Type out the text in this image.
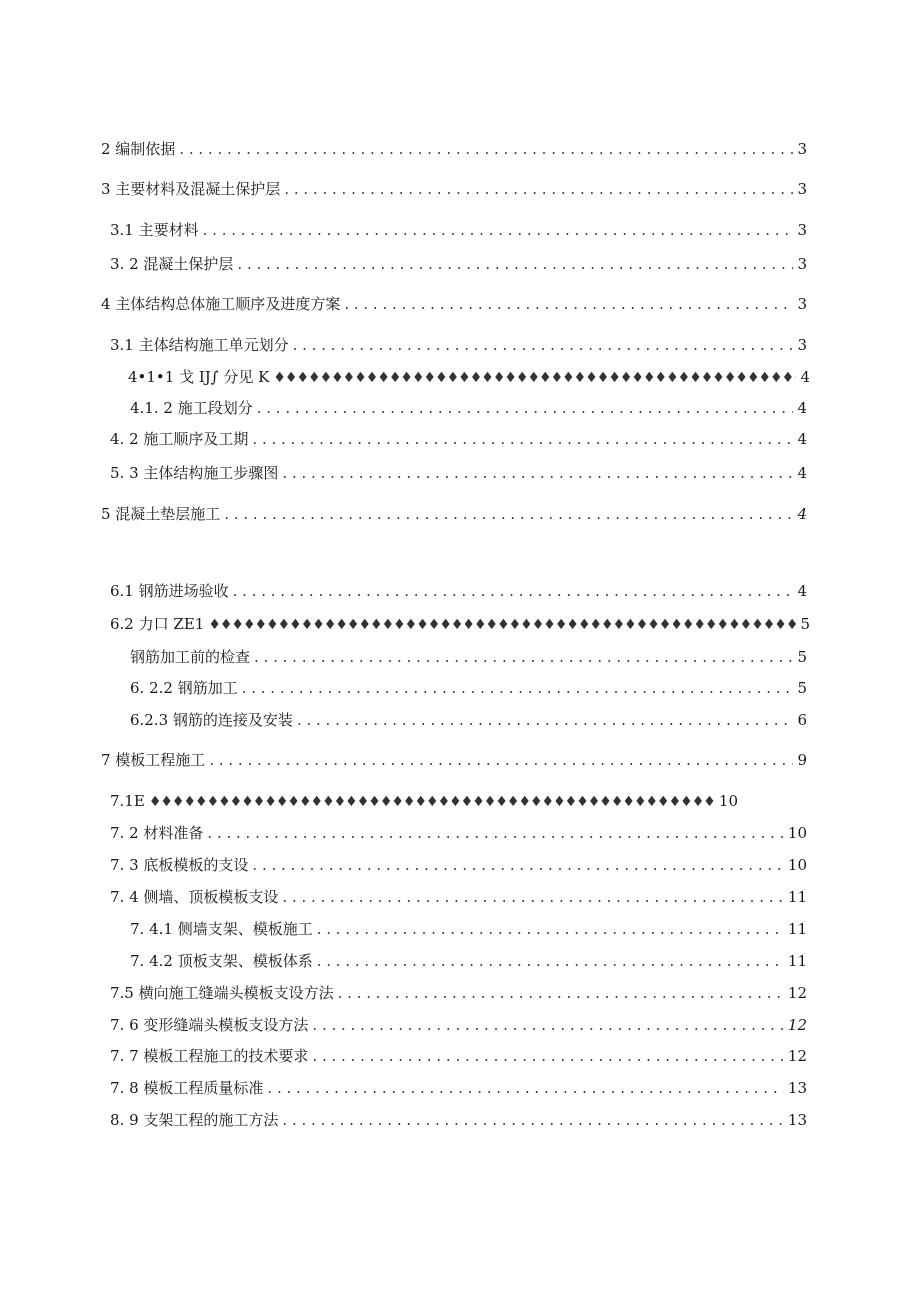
2 编制依据 . . .	3
3 主要材料及混凝土保护层 . . .	3
3.1 主要材料 . . .	3
3. 2 混凝土保护层 . . .	3
4 主体结构总体施工顺序及进度方案 . . .	3
3.1 主体结构施工单元划分 . . .	3
4•1•1 戈 IJ∫ 分见 K ♦♦♦♦♦♦♦♦♦♦♦♦♦♦♦♦♦♦♦♦♦♦♦♦♦♦♦♦♦♦♦♦♦♦♦♦♦♦♦♦♦♦♦♦♦♦♦♦♦♦♦♦♦♦♦♦♦♦♦♦♦♦♦♦♦♦♦♦♦♦♦♦♦♦♦♦♦♦♦♦♦♦♦♦	4
4.1. 2 施工段划分 . . .	4
4. 2 施工顺序及工期 . . .	4
5. 3 主体结构施工步骤图 . . .	4
5 混凝土垫层施工 . . .	4
6.1 钢筋进场验收 . . .	4
6.2 力口 ZE1 ♦♦♦♦♦♦♦♦♦♦♦♦♦♦♦♦♦♦♦♦♦♦♦♦♦♦♦♦♦♦♦♦♦♦♦♦♦♦♦♦♦♦♦♦♦♦♦♦♦♦♦♦♦♦♦♦♦♦♦♦♦♦♦♦♦♦♦♦♦♦♦♦♦♦♦♦♦♦♦♦♦♦♦♦	5
钢筋加工前的检查 . . .	5
6. 2.2 钢筋加工 . . .	5
6.2.3 钢筋的连接及安装 . . .	6
7 模板工程施工 . . .	9
7.1E ♦♦♦♦♦♦♦♦♦♦♦♦♦♦♦♦♦♦♦♦♦♦♦♦♦♦♦♦♦♦♦♦♦♦♦♦♦♦♦♦♦♦♦♦♦♦♦♦♦♦♦♦♦♦♦♦♦♦♦♦♦♦♦♦♦♦♦♦♦♦♦♦♦♦♦♦♦♦♦♦♦♦♦♦	10
7. 2 材料准备 . . .	10
7. 3 底板模板的支设 . . .	10
7. 4 侧墙、顶板模板支设 . . .	11
7. 4.1 侧墙支架、模板施工 . . .	11
7. 4.2 顶板支架、模板体系 . . .	11
7.5 横向施工缝端头模板支设方法 . . .	12
7. 6 变形缝端头模板支设方法 . . .	12
7. 7 模板工程施工的技术要求 . . .	12
7. 8 模板工程质量标准 . . .	13
8. 9 支架工程的施工方法 . . .	13
